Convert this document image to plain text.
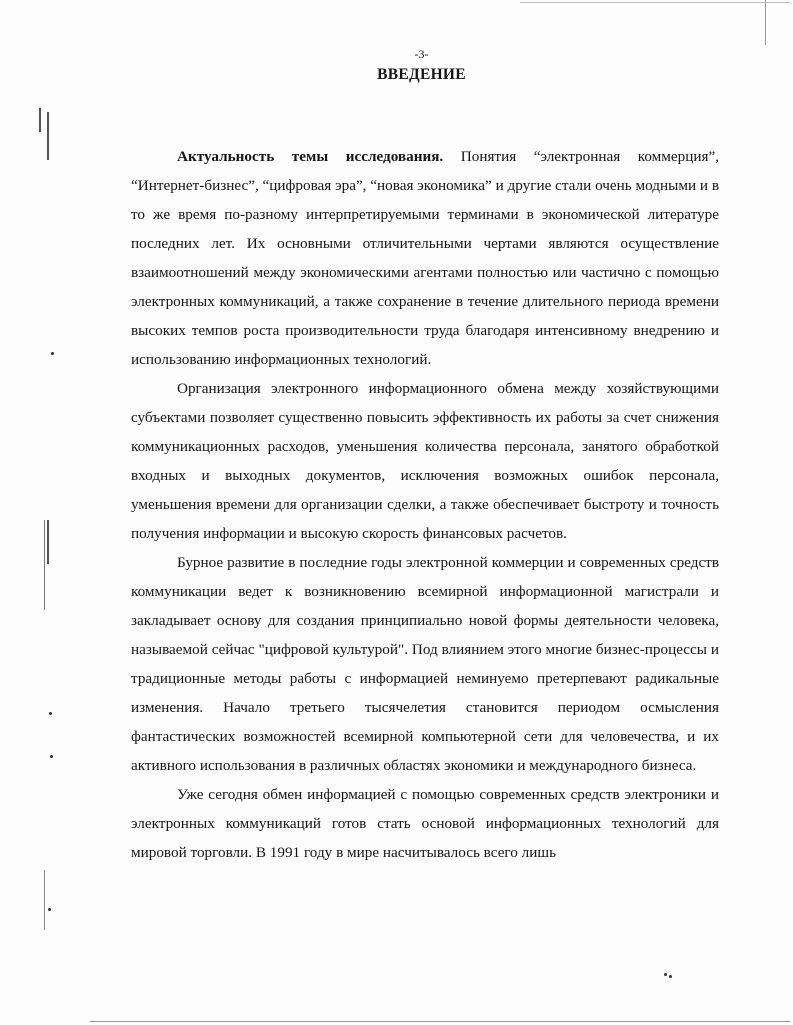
-3-
ВВЕДЕНИЕ

Актуальность темы исследования. Понятия “электронная коммерция”, “Интернет-бизнес”, “цифровая эра”, “новая экономика” и другие стали очень модными и в то же время по-разному интерпретируемыми терминами в экономической литературе последних лет. Их основными отличительными чертами являются осуществление взаимоотношений между экономическими агентами полностью или частично с помощью электронных коммуникаций, а также сохранение в течение длительного периода времени высоких темпов роста производительности труда благодаря интенсивному внедрению и использованию информационных технологий.

Организация электронного информационного обмена между хозяйствующими субъектами позволяет существенно повысить эффективность их работы за счет снижения коммуникационных расходов, уменьшения количества персонала, занятого обработкой входных и выходных документов, исключения возможных ошибок персонала, уменьшения времени для организации сделки, а также обеспечивает быстроту и точность получения информации и высокую скорость финансовых расчетов.

Бурное развитие в последние годы электронной коммерции и современных средств коммуникации ведет к возникновению всемирной информационной магистрали и закладывает основу для создания принципиально новой формы деятельности человека, называемой сейчас "цифровой культурой". Под влиянием этого многие бизнес-процессы и традиционные методы работы с информацией неминуемо претерпевают радикальные изменения. Начало третьего тысячелетия становится периодом осмысления фантастических возможностей всемирной компьютерной сети для человечества, и их активного использования в различных областях экономики и международного бизнеса.

Уже сегодня обмен информацией с помощью современных средств электроники и электронных коммуникаций готов стать основой информационных технологий для мировой торговли. В 1991 году в мире насчитывалось всего лишь
